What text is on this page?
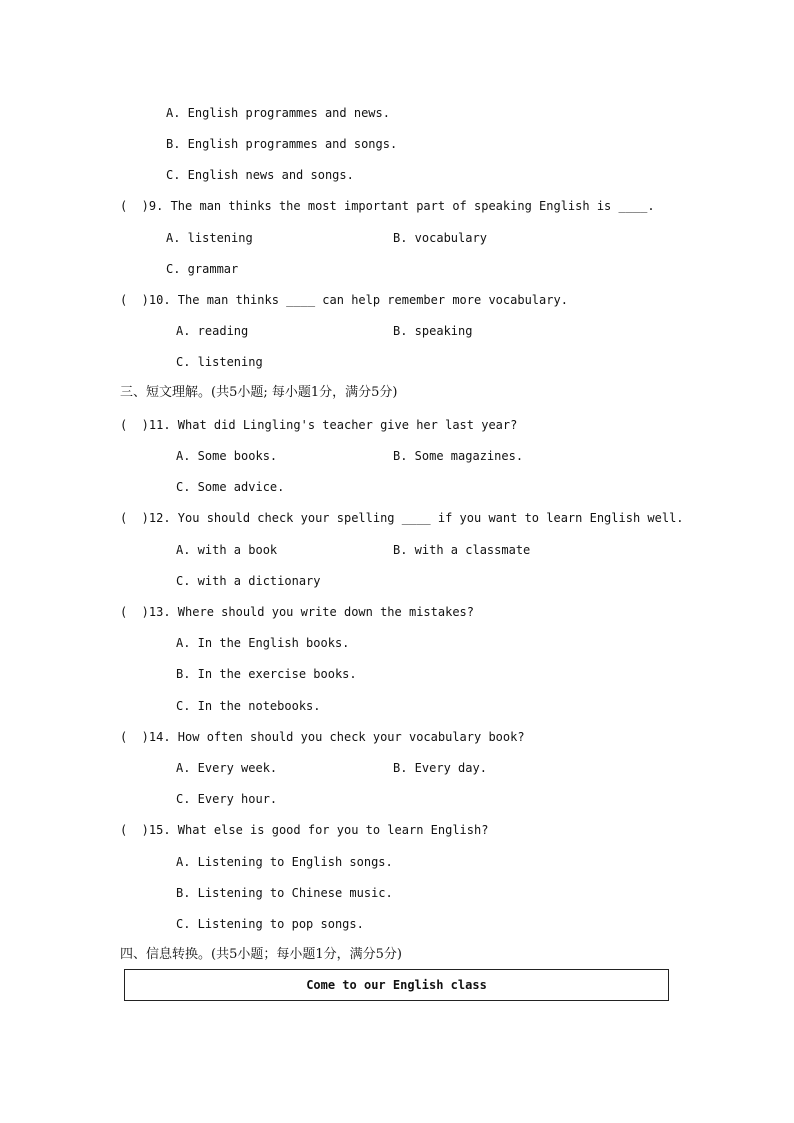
A. English programmes and news.
B. English programmes and songs.
C. English news and songs.
(  )9. The man thinks the most important part of speaking English is ____.
A. listening	B. vocabulary
C. grammar
(  )10. The man thinks ____ can help remember more vocabulary.
A. reading	B. speaking
C. listening
三、短文理解。(共5小题; 每小题1分，满分5分)
(  )11. What did Lingling's teacher give her last year?
A. Some books.	B. Some magazines.
C. Some advice.
(  )12. You should check your spelling ____ if you want to learn English well.
A. with a book	B. with a classmate
C. with a dictionary
(  )13. Where should you write down the mistakes?
A. In the English books.
B. In the exercise books.
C. In the notebooks.
(  )14. How often should you check your vocabulary book?
A. Every week.	B. Every day.
C. Every hour.
(  )15. What else is good for you to learn English?
A. Listening to English songs.
B. Listening to Chinese music.
C. Listening to pop songs.
四、信息转换。(共5小题；每小题1分，满分5分)
Come to our English class
